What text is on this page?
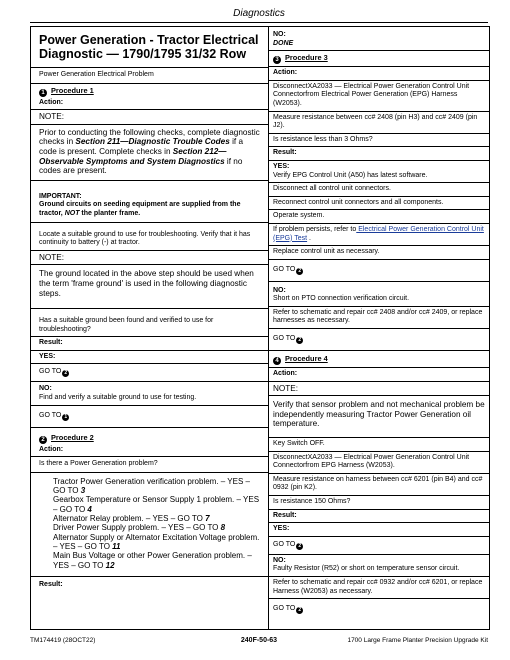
Diagnostics
Power Generation - Tractor Electrical Diagnostic — 1790/1795 31/32 Row
Power Generation Electrical Problem
1 Procedure 1
Action:
NOTE:
Prior to conducting the following checks, complete diagnostic checks in Section 211—Diagnostic Trouble Codes if a code is present. Complete checks in Section 212—Observable Symptoms and System Diagnostics if no codes are present.
IMPORTANT:
Ground circuits on seeding equipment are supplied from the tractor, NOT the planter frame.
Locate a suitable ground to use for troubleshooting. Verify that it has continuity to battery (-) at tractor.
NOTE:
The ground located in the above step should be used when the term 'frame ground' is used in the following diagnostic steps.
Has a suitable ground been found and verified to use for troubleshooting?
Result:
YES:
GO TO 2
NO:
Find and verify a suitable ground to use for testing.
GO TO 1
2 Procedure 2
Action:
Is there a Power Generation problem?
Tractor Power Generation verification problem. – YES – GO TO 3
Gearbox Temperature or Sensor Supply 1 problem. – YES – GO TO 4
Alternator Relay problem. – YES – GO TO 7
Driver Power Supply problem. – YES – GO TO 8
Alternator Supply or Alternator Excitation Voltage problem. – YES – GO TO 11
Main Bus Voltage or other Power Generation problem. – YES – GO TO 12
Result:
NO:
DONE
3 Procedure 3
Action:
DisconnectXA2033 — Electrical Power Generation Control Unit Connectorfrom Electrical Power Generation (EPG) Harness (W2053).
Measure resistance between cc# 2408 (pin H3) and cc# 2409 (pin J2).
Is resistance less than 3 Ohms?
Result:
YES:
Verify EPG Control Unit (A50) has latest software.
Disconnect all control unit connectors.
Reconnect control unit connectors and all components.
Operate system.
If problem persists, refer to Electrical Power Generation Control Unit (EPG) Test .
Replace control unit as necessary.
GO TO 2
NO:
Short on PTO connection verification circuit.
Refer to schematic and repair cc# 2408 and/or cc# 2409, or replace harnesses as necessary.
GO TO 2
4 Procedure 4
Action:
NOTE:
Verify that sensor problem and not mechanical problem be independently measuring Tractor Power Generation oil temperature.
Key Switch OFF.
DisconnectXA2033 — Electrical Power Generation Control Unit Connectorfrom EPG Harness (W2053).
Measure resistance on harness between cc# 6201 (pin B4) and cc# 0932 (pin K2).
Is resistance 150 Ohms?
Result:
YES:
GO TO 2
NO:
Faulty Resistor (R52) or short on temperature sensor circuit.
Refer to schematic and repair cc# 0932 and/or cc# 6201, or replace Harness (W2053) as necessary.
GO TO 2
TM174419 (28OCT22)	240F-50-63	1700 Large Frame Planter Precision Upgrade Kit
